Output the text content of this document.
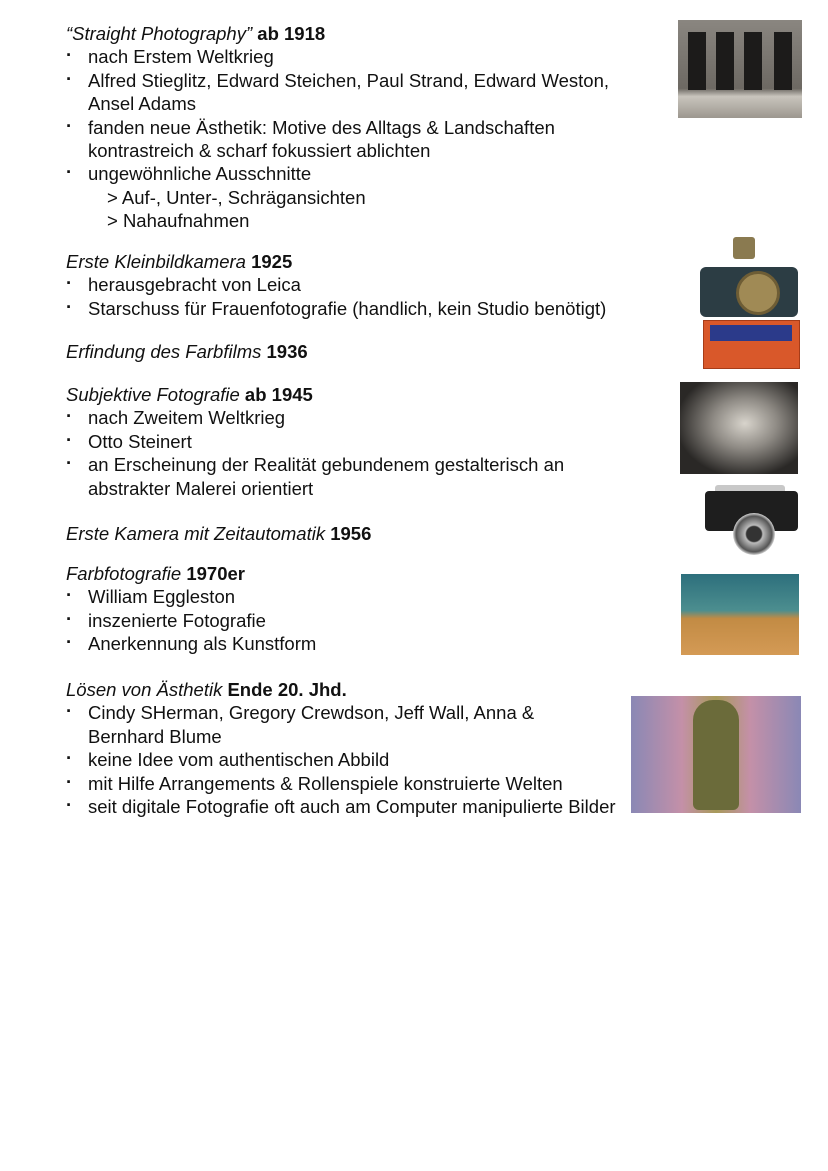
“Straight Photography” ab 1918
· nach Erstem Weltkrieg
· Alfred Stieglitz, Edward Steichen, Paul Strand, Edward Weston, Ansel Adams
· fanden neue Ästhetik: Motive des Alltags & Landschaften kontrastreich & scharf fokussiert ablichten
· ungewöhnliche Ausschnitte
> Auf-, Unter-, Schrägansichten
> Nahaufnahmen
Erste Kleinbildkamera 1925
· herausgebracht von Leica
· Starschuss für Frauenfotografie (handlich, kein Studio benötigt)
Erfindung des Farbfilms 1936
Subjektive Fotografie ab 1945
· nach Zweitem Weltkrieg
· Otto Steinert
· an Erscheinung der Realität gebundenem gestalterisch an abstrakter Malerei orientiert
Erste Kamera mit Zeitautomatik 1956
Farbfotografie 1970er
· William Eggleston
· inszenierte Fotografie
· Anerkennung als Kunstform
Lösen von Ästhetik Ende 20. Jhd.
· Cindy SHerman, Gregory Crewdson, Jeff Wall, Anna & Bernhard Blume
· keine Idee vom authentischen Abbild
· mit Hilfe Arrangements & Rollenspiele konstruierte Welten
· seit digitale Fotografie oft auch am Computer manipulierte Bilder
